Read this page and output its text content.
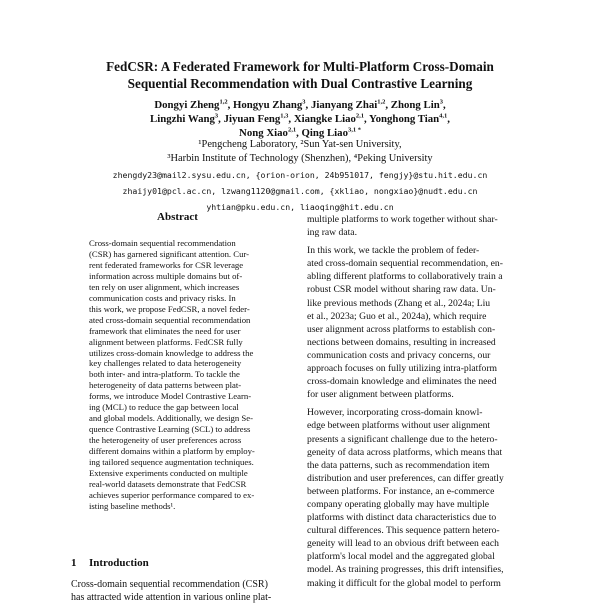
FedCSR: A Federated Framework for Multi-Platform Cross-Domain
Sequential Recommendation with Dual Contrastive Learning
Dongyi Zheng$^{1,2}$, Hongyu Zhang$^3$, Jianyang Zhai$^{1,2}$, Zhong Lin$^3$,
Lingzhi Wang$^3$, Jiyuan Feng$^{1,3}$, Xiangke Liao$^{2,1}$, Yonghong Tian$^{4,1}$,
Nong Xiao$^{2,1}$, Qing Liao$^{3,1 *}$
¹Pengcheng Laboratory, ²Sun Yat-sen University,
³Harbin Institute of Technology (Shenzhen), ⁴Peking University
zhengdy23@mail2.sysu.edu.cn, {orion-orion, 24b951017, fengjy}@stu.hit.edu.cn
zhaijy01@pcl.ac.cn, lzwang1120@gmail.com, {xkliao, nongxiao}@nudt.edu.cn
yhtian@pku.edu.cn, liaoqing@hit.edu.cn
Abstract
Cross-domain sequential recommendation
(CSR) has garnered significant attention. Cur-
rent federated frameworks for CSR leverage
information across multiple domains but of-
ten rely on user alignment, which increases
communication costs and privacy risks. In
this work, we propose FedCSR, a novel feder-
ated cross-domain sequential recommendation
framework that eliminates the need for user
alignment between platforms. FedCSR fully
utilizes cross-domain knowledge to address the
key challenges related to data heterogeneity
both inter- and intra-platform. To tackle the
heterogeneity of data patterns between plat-
forms, we introduce Model Contrastive Learn-
ing (MCL) to reduce the gap between local
and global models. Additionally, we design Se-
quence Contrastive Learning (SCL) to address
the heterogeneity of user preferences across
different domains within a platform by employ-
ing tailored sequence augmentation techniques.
Extensive experiments conducted on multiple
real-world datasets demonstrate that FedCSR
achieves superior performance compared to ex-
isting baseline methods¹.
1 Introduction
Cross-domain sequential recommendation (CSR)
has attracted wide attention in various online plat-
multiple platforms to work together without shar-
ing raw data.
In this work, we tackle the problem of feder-
ated cross-domain sequential recommendation, en-
abling different platforms to collaboratively train a
robust CSR model without sharing raw data. Un-
like previous methods (Zhang et al., 2024a; Liu
et al., 2023a; Guo et al., 2024a), which require
user alignment across platforms to establish con-
nections between domains, resulting in increased
communication costs and privacy concerns, our
approach focuses on fully utilizing intra-platform
cross-domain knowledge and eliminates the need
for user alignment between platforms.
However, incorporating cross-domain knowl-
edge between platforms without user alignment
presents a significant challenge due to the hetero-
geneity of data across platforms, which means that
the data patterns, such as recommendation item
distribution and user preferences, can differ greatly
between platforms. For instance, an e-commerce
company operating globally may have multiple
platforms with distinct data characteristics due to
cultural differences. This sequence pattern hetero-
geneity will lead to an obvious drift between each
platform's local model and the aggregated global
model. As training progresses, this drift intensifies,
making it difficult for the global model to perform
